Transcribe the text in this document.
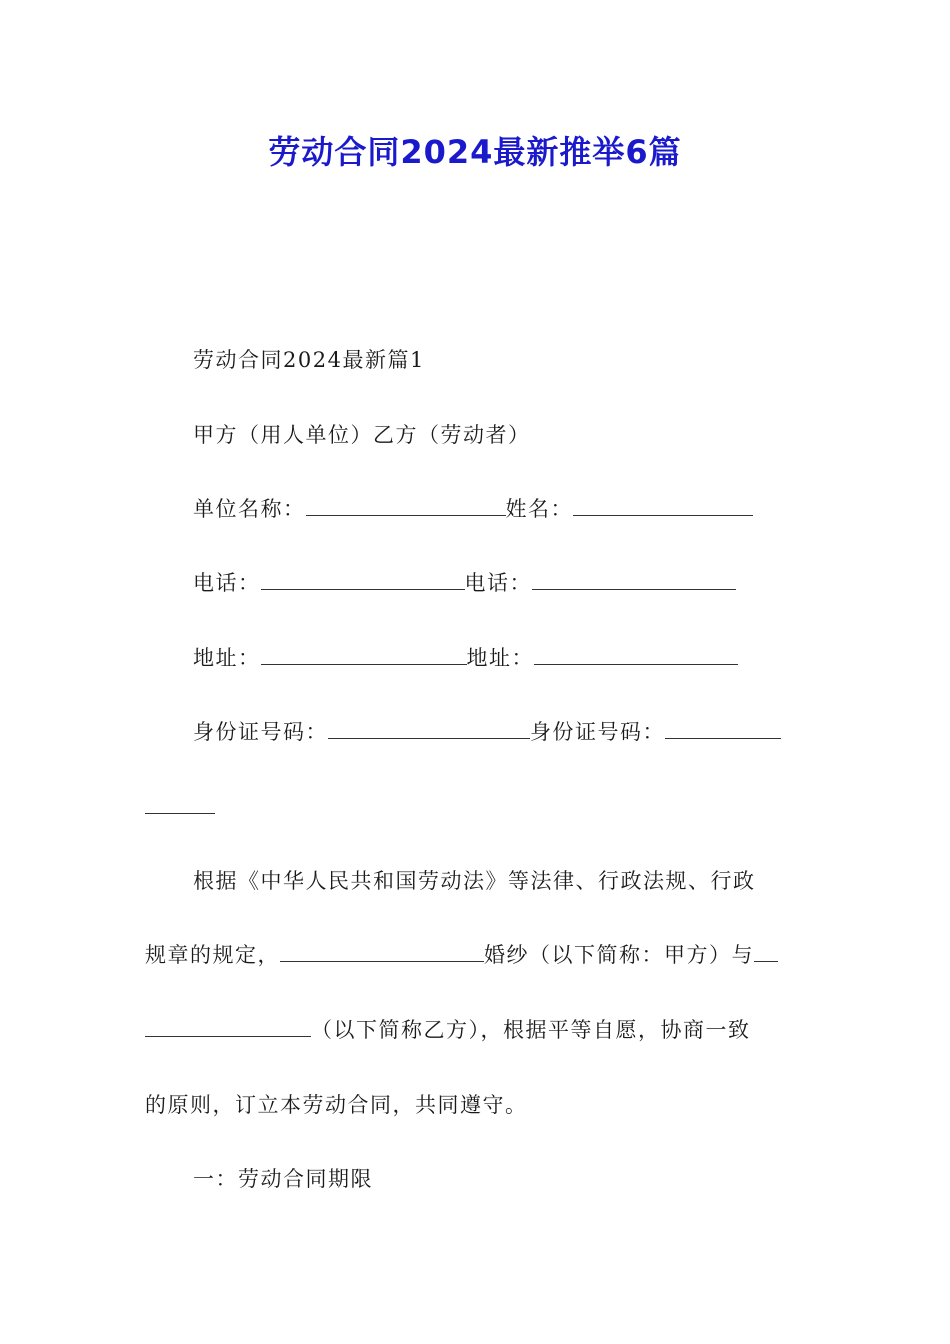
劳动合同2024最新推举6篇
劳动合同2024最新篇1
甲方（用人单位）乙方（劳动者）
单位名称：	姓名：
电话：	电话：
地址：	地址：
身份证号码：	身份证号码：
根据《中华人民共和国劳动法》等法律、行政法规、行政
规章的规定，	婚纱（以下简称：甲方）与
（以下简称乙方），根据平等自愿，协商一致
的原则，订立本劳动合同，共同遵守。
一：劳动合同期限
